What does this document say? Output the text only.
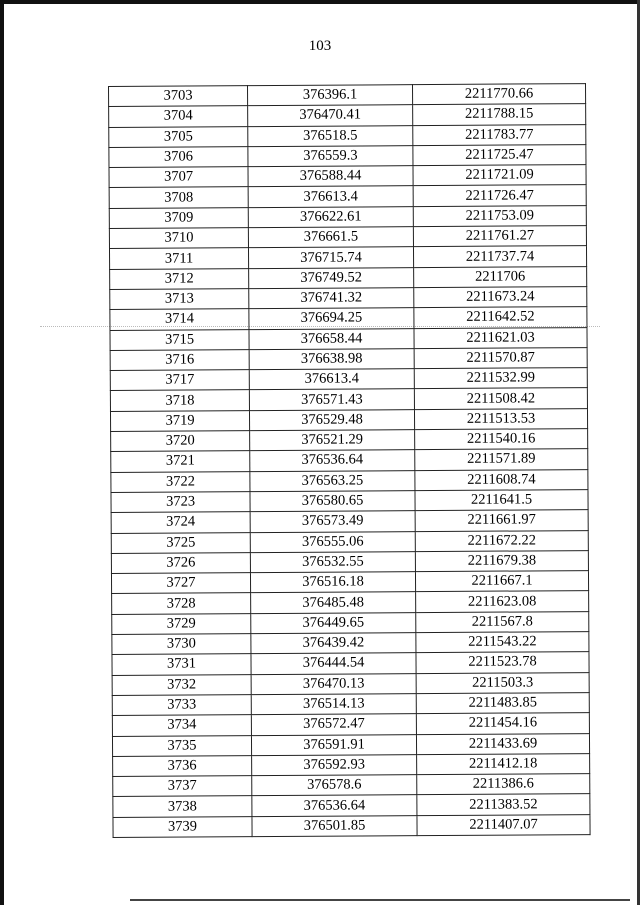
103
3703	376396.1	2211770.66
3704	376470.41	2211788.15
3705	376518.5	2211783.77
3706	376559.3	2211725.47
3707	376588.44	2211721.09
3708	376613.4	2211726.47
3709	376622.61	2211753.09
3710	376661.5	2211761.27
3711	376715.74	2211737.74
3712	376749.52	2211706
3713	376741.32	2211673.24
3714	376694.25	2211642.52
3715	376658.44	2211621.03
3716	376638.98	2211570.87
3717	376613.4	2211532.99
3718	376571.43	2211508.42
3719	376529.48	2211513.53
3720	376521.29	2211540.16
3721	376536.64	2211571.89
3722	376563.25	2211608.74
3723	376580.65	2211641.5
3724	376573.49	2211661.97
3725	376555.06	2211672.22
3726	376532.55	2211679.38
3727	376516.18	2211667.1
3728	376485.48	2211623.08
3729	376449.65	2211567.8
3730	376439.42	2211543.22
3731	376444.54	2211523.78
3732	376470.13	2211503.3
3733	376514.13	2211483.85
3734	376572.47	2211454.16
3735	376591.91	2211433.69
3736	376592.93	2211412.18
3737	376578.6	2211386.6
3738	376536.64	2211383.52
3739	376501.85	2211407.07
